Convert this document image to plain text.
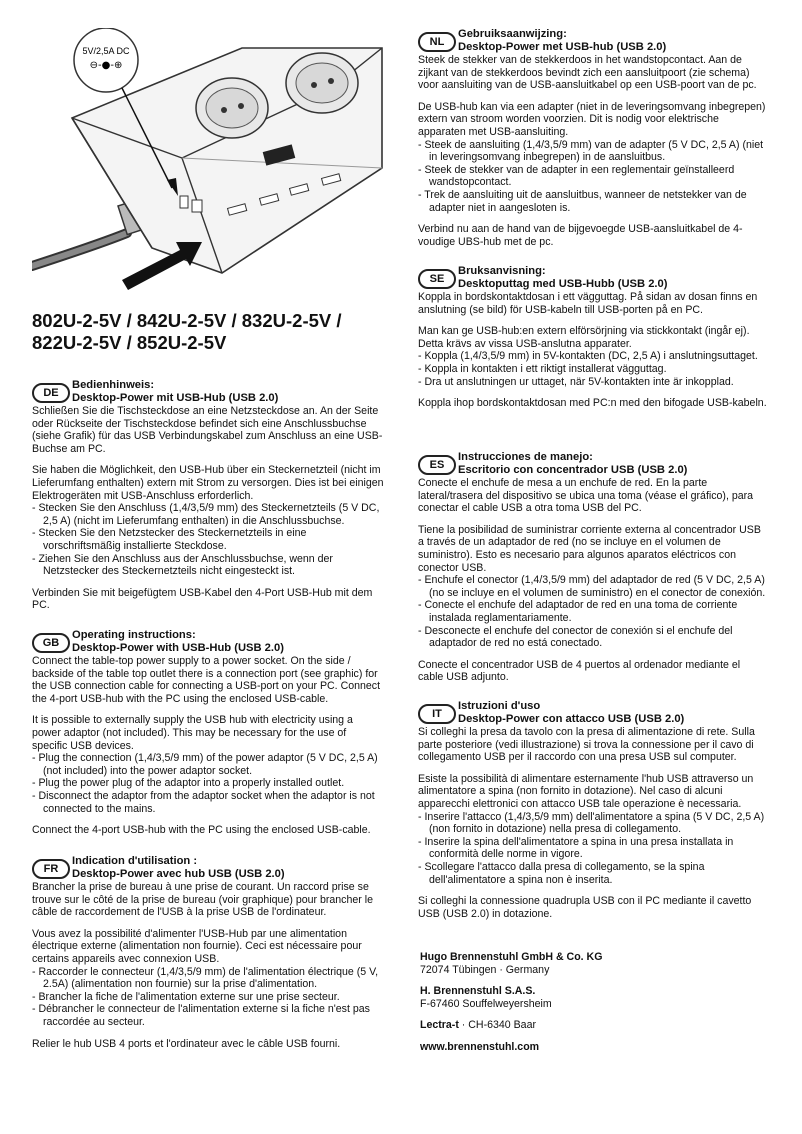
5V/2,5A DC
⊖-●-⊕
802U-2-5V / 842U-2-5V / 832U-2-5V /
822U-2-5V / 852U-2-5V
DE
Bedienhinweis:
Desktop-Power mit USB-Hub (USB 2.0)

Schließen Sie die Tischsteckdose an eine Netzsteckdose an. An der Seite oder Rückseite der Tischsteckdose befindet sich eine Anschlussbuchse (siehe Grafik) für das USB Verbindungskabel zum Anschluss an eine USB-Buchse am PC.

Sie haben die Möglichkeit, den USB-Hub über ein Steckernetzteil (nicht im Lieferumfang enthalten) extern mit Strom zu versorgen. Dies ist bei einigen Elektrogeräten mit USB-Anschluss erforderlich.

- Stecken Sie den Anschluss (1,4/3,5/9 mm) des Steckernetzteils (5 V DC, 2,5 A) (nicht im Lieferumfang enthalten) in die Anschlussbuchse.
- Stecken Sie den Netzstecker des Steckernetzteils in eine vorschriftsmäßig installierte Steckdose.
- Ziehen Sie den Anschluss aus der Anschlussbuchse, wenn der Netzstecker des Steckernetzteils nicht eingesteckt ist.

Verbinden Sie mit beigefügtem USB-Kabel den 4-Port USB-Hub mit dem PC.

GB
Operating instructions:
Desktop-Power with USB-Hub (USB 2.0)

Connect the table-top power supply to a power socket. On the side / backside of the table top outlet there is a connection port (see graphic) for the USB connection cable for connecting a USB-port on your PC. Connect the 4-port USB-hub with the PC using the enclosed USB-cable.

It is possible to externally supply the USB hub with electricity using a power adaptor (not included). This may be necessary for the use of specific USB devices.

- Plug the connection (1,4/3,5/9 mm) of the power adaptor (5 V DC, 2,5 A) (not included) into the power adaptor socket.
- Plug the power plug of the adaptor into a properly installed outlet.
- Disconnect the adaptor from the adaptor socket when the adaptor is not connected to the mains.

Connect the 4-port USB-hub with the PC using the enclosed USB-cable.

FR
Indication d'utilisation :
Desktop-Power avec hub USB (USB 2.0)

Brancher la prise de bureau à une prise de courant. Un raccord prise se trouve sur le côté de la prise de bureau (voir graphique) pour brancher le câble de raccordement de l'USB à la prise USB de l'ordinateur.

Vous avez la possibilité d'alimenter l'USB-Hub par une alimentation électrique externe (alimentation non fournie). Ceci est nécessaire pour certains appareils avec connexion USB.

- Raccorder le connecteur (1,4/3,5/9 mm) de l'alimentation électrique (5 V, 2.5A) (alimentation non fournie) sur la prise d'alimentation.
- Brancher la fiche de l'alimentation externe sur une prise secteur.
- Débrancher le connecteur de l'alimentation externe si la fiche n'est pas raccordée au secteur.

Relier le hub USB 4 ports et l'ordinateur avec le câble USB fourni.

NL
Gebruiksaanwijzing:
Desktop-Power met USB-hub (USB 2.0)

Steek de stekker van de stekkerdoos in het wandstopcontact. Aan de zijkant van de stekkerdoos bevindt zich een aansluitpoort (zie schema) voor aansluiting van de USB-aansluitkabel op een USB-poort van de pc.

De USB-hub kan via een adapter (niet in de leveringsomvang inbegrepen) extern van stroom worden voorzien. Dit is nodig voor elektrische apparaten met USB-aansluiting.

- Steek de aansluiting (1,4/3,5/9 mm) van de adapter (5 V DC, 2,5 A) (niet in leveringsomvang inbegrepen) in de aansluitbus.
- Steek de stekker van de adapter in een reglementair geïnstalleerd wandstopcontact.
- Trek de aansluiting uit de aansluitbus, wanneer de netstekker van de adapter niet in aangesloten is.

Verbind nu aan de hand van de bijgevoegde USB-aansluitkabel de 4-voudige UBS-hub met de pc.

SE
Bruksanvisning:
Desktoputtag med USB-Hubb (USB 2.0)

Koppla in bordskontaktdosan i ett vägguttag. På sidan av dosan finns en anslutning (se bild) för USB-kabeln till USB-porten på en PC.

Man kan ge USB-hub:en extern elförsörjning via stickkontakt (ingår ej). Detta krävs av vissa USB-anslutna apparater.

- Koppla (1,4/3,5/9 mm) in 5V-kontakten (DC, 2,5 A) i anslutningsuttaget.
- Koppla in kontakten i ett riktigt installerat vägguttag.
- Dra ut anslutningen ur uttaget, när 5V-kontakten inte är inkopplad.

Koppla ihop bordskontaktdosan med PC:n med den bifogade USB-kabeln.

ES
Instrucciones de manejo:
Escritorio con concentrador USB (USB 2.0)

Conecte el enchufe de mesa a un enchufe de red. En la parte lateral/trasera del dispositivo se ubica una toma (véase el gráfico), para conectar el cable USB a otra toma USB del PC.

Tiene la posibilidad de suministrar corriente externa al concentrador USB a través de un adaptador de red (no se incluye en el volumen de suministro). Esto es necesario para algunos aparatos eléctricos con conector USB.

- Enchufe el conector (1,4/3,5/9 mm) del adaptador de red (5 V DC, 2,5 A) (no se incluye en el volumen de suministro) en el conector de conexión.
- Conecte el enchufe del adaptador de red en una toma de corriente instalada reglamentariamente.
- Desconecte el enchufe del conector de conexión si el enchufe del adaptador de red no está conectado.

Conecte el concentrador USB de 4 puertos al ordenador mediante el cable USB adjunto.

IT
Istruzioni d'uso
Desktop-Power con attacco USB (USB 2.0)

Si colleghi la presa da tavolo con la presa di alimentazione di rete. Sulla parte posteriore (vedi illustrazione) si trova la connessione per il cavo di collegamento USB per il raccordo con una presa USB sul computer.

Esiste la possibilità di alimentare esternamente l'hub USB attraverso un alimentatore a spina (non fornito in dotazione). Nel caso di alcuni apparecchi elettronici con attacco USB tale operazione è necessaria.

- Inserire l'attacco (1,4/3,5/9 mm) dell'alimentatore a spina (5 V DC, 2,5 A) (non fornito in dotazione) nella presa di collegamento.
- Inserire la spina dell'alimentatore a spina in una presa installata in conformità delle norme in vigore.
- Scollegare l'attacco dalla presa di collegamento, se la spina dell'alimentatore a spina non è inserita.

Si colleghi la connessione quadrupla USB con il PC mediante il cavetto USB (USB 2.0) in dotazione.

Hugo Brennenstuhl GmbH & Co. KG
72074 Tübingen · Germany
H. Brennenstuhl S.A.S.
F-67460 Souffelweyersheim
Lectra-t · CH-6340 Baar
www.brennenstuhl.com
